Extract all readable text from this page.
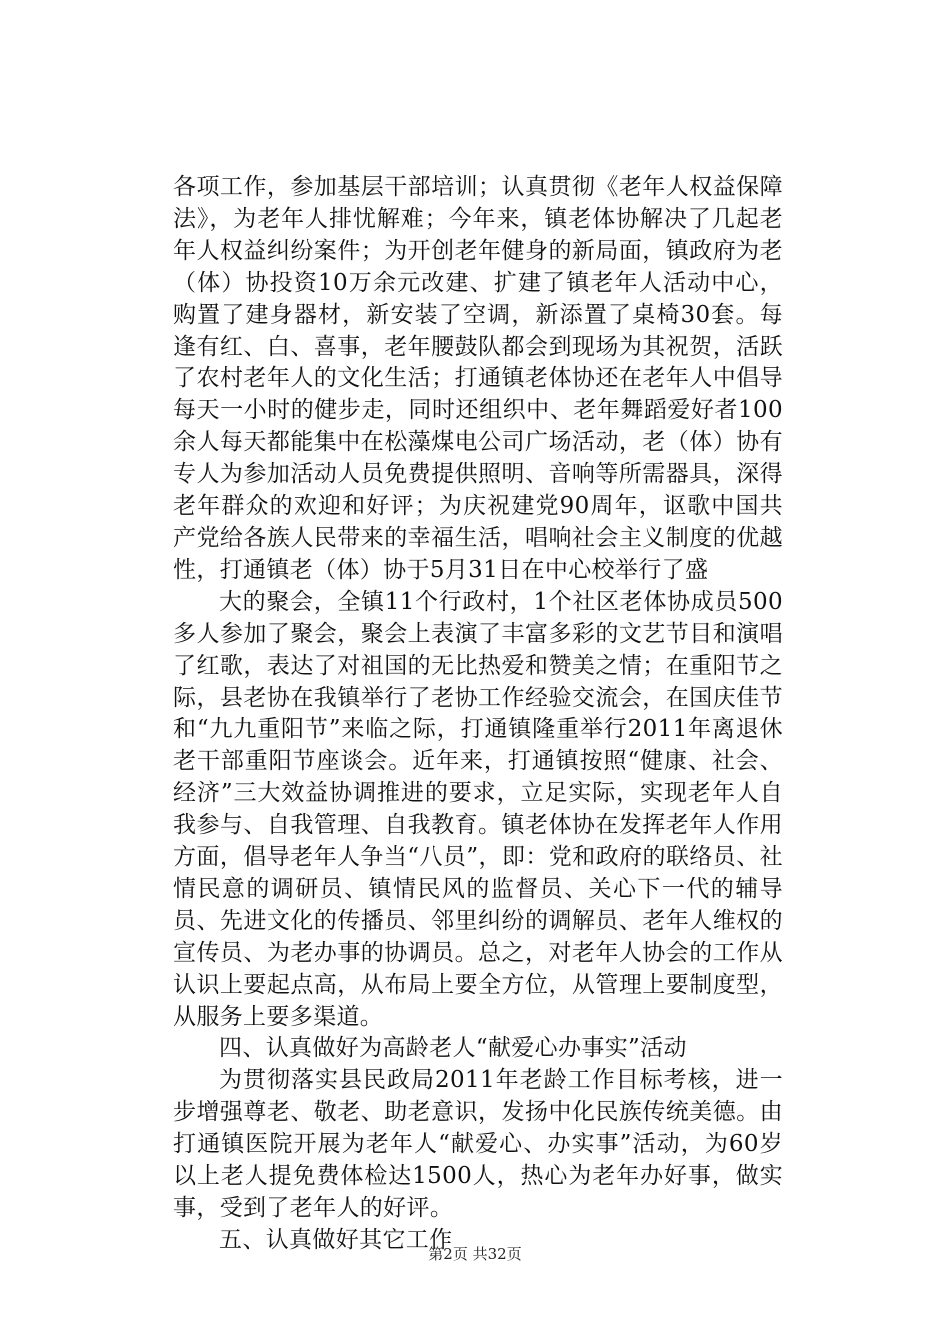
各项工作，参加基层干部培训；认真贯彻《老年人权益保障法》，为老年人排忧解难；今年来，镇老体协解决了几起老年人权益纠纷案件；为开创老年健身的新局面，镇政府为老（体）协投资10万余元改建、扩建了镇老年人活动中心，购置了建身器材，新安装了空调，新添置了桌椅30套。每逢有红、白、喜事，老年腰鼓队都会到现场为其祝贺，活跃了农村老年人的文化生活；打通镇老体协还在老年人中倡导每天一小时的健步走，同时还组织中、老年舞蹈爱好者100余人每天都能集中在松藻煤电公司广场活动，老（体）协有专人为参加活动人员免费提供照明、音响等所需器具，深得老年群众的欢迎和好评；为庆祝建党90周年，讴歌中国共产党给各族人民带来的幸福生活，唱响社会主义制度的优越性，打通镇老（体）协于5月31日在中心校举行了盛

大的聚会，全镇11个行政村，1个社区老体协成员500多人参加了聚会，聚会上表演了丰富多彩的文艺节目和演唱了红歌，表达了对祖国的无比热爱和赞美之情；在重阳节之际，县老协在我镇举行了老协工作经验交流会，在国庆佳节和“九九重阳节”来临之际，打通镇隆重举行2011年离退休老干部重阳节座谈会。近年来，打通镇按照“健康、社会、经济”三大效益协调推进的要求，立足实际，实现老年人自我参与、自我管理、自我教育。镇老体协在发挥老年人作用方面，倡导老年人争当“八员”，即：党和政府的联络员、社情民意的调研员、镇情民风的监督员、关心下一代的辅导员、先进文化的传播员、邻里纠纷的调解员、老年人维权的宣传员、为老办事的协调员。总之，对老年人协会的工作从认识上要起点高，从布局上要全方位，从管理上要制度型，从服务上要多渠道。

四、认真做好为高龄老人“献爱心办事实”活动

为贯彻落实县民政局2011年老龄工作目标考核，进一步增强尊老、敬老、助老意识，发扬中化民族传统美德。由打通镇医院开展为老年人“献爱心、办实事”活动，为60岁以上老人提免费体检达1500人，热心为老年办好事，做实事，受到了老年人的好评。

五、认真做好其它工作

第2页 共32页
